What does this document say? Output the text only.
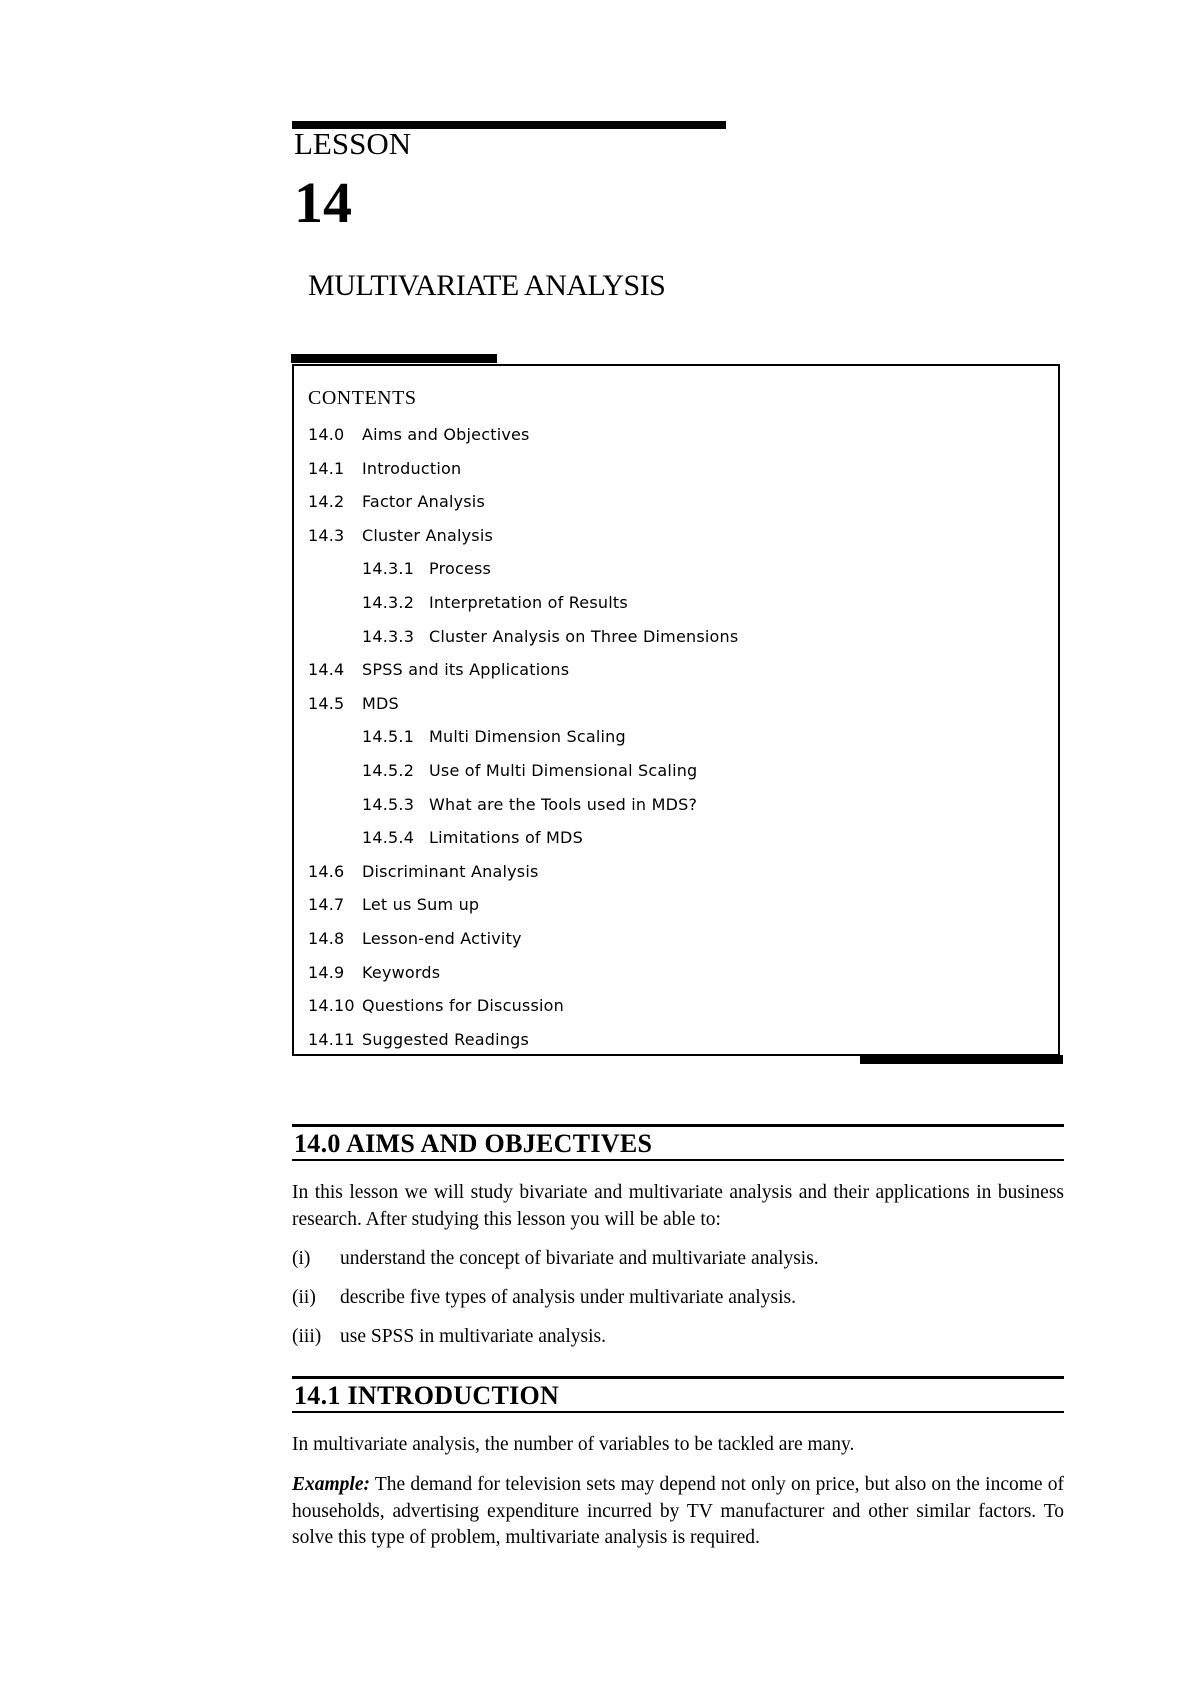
LESSON
14
MULTIVARIATE ANALYSIS
CONTENTS
14.0 Aims and Objectives
14.1 Introduction
14.2 Factor Analysis
14.3 Cluster Analysis
14.3.1 Process
14.3.2 Interpretation of Results
14.3.3 Cluster Analysis on Three Dimensions
14.4 SPSS and its Applications
14.5 MDS
14.5.1 Multi Dimension Scaling
14.5.2 Use of Multi Dimensional Scaling
14.5.3 What are the Tools used in MDS?
14.5.4 Limitations of MDS
14.6 Discriminant Analysis
14.7 Let us Sum up
14.8 Lesson-end Activity
14.9 Keywords
14.10 Questions for Discussion
14.11 Suggested Readings
14.0 AIMS AND OBJECTIVES
In this lesson we will study bivariate and multivariate analysis and their applications in business research. After studying this lesson you will be able to:
(i) understand the concept of bivariate and multivariate analysis.
(ii) describe five types of analysis under multivariate analysis.
(iii) use SPSS in multivariate analysis.
14.1 INTRODUCTION
In multivariate analysis, the number of variables to be tackled are many.
Example: The demand for television sets may depend not only on price, but also on the income of households, advertising expenditure incurred by TV manufacturer and other similar factors. To solve this type of problem, multivariate analysis is required.
